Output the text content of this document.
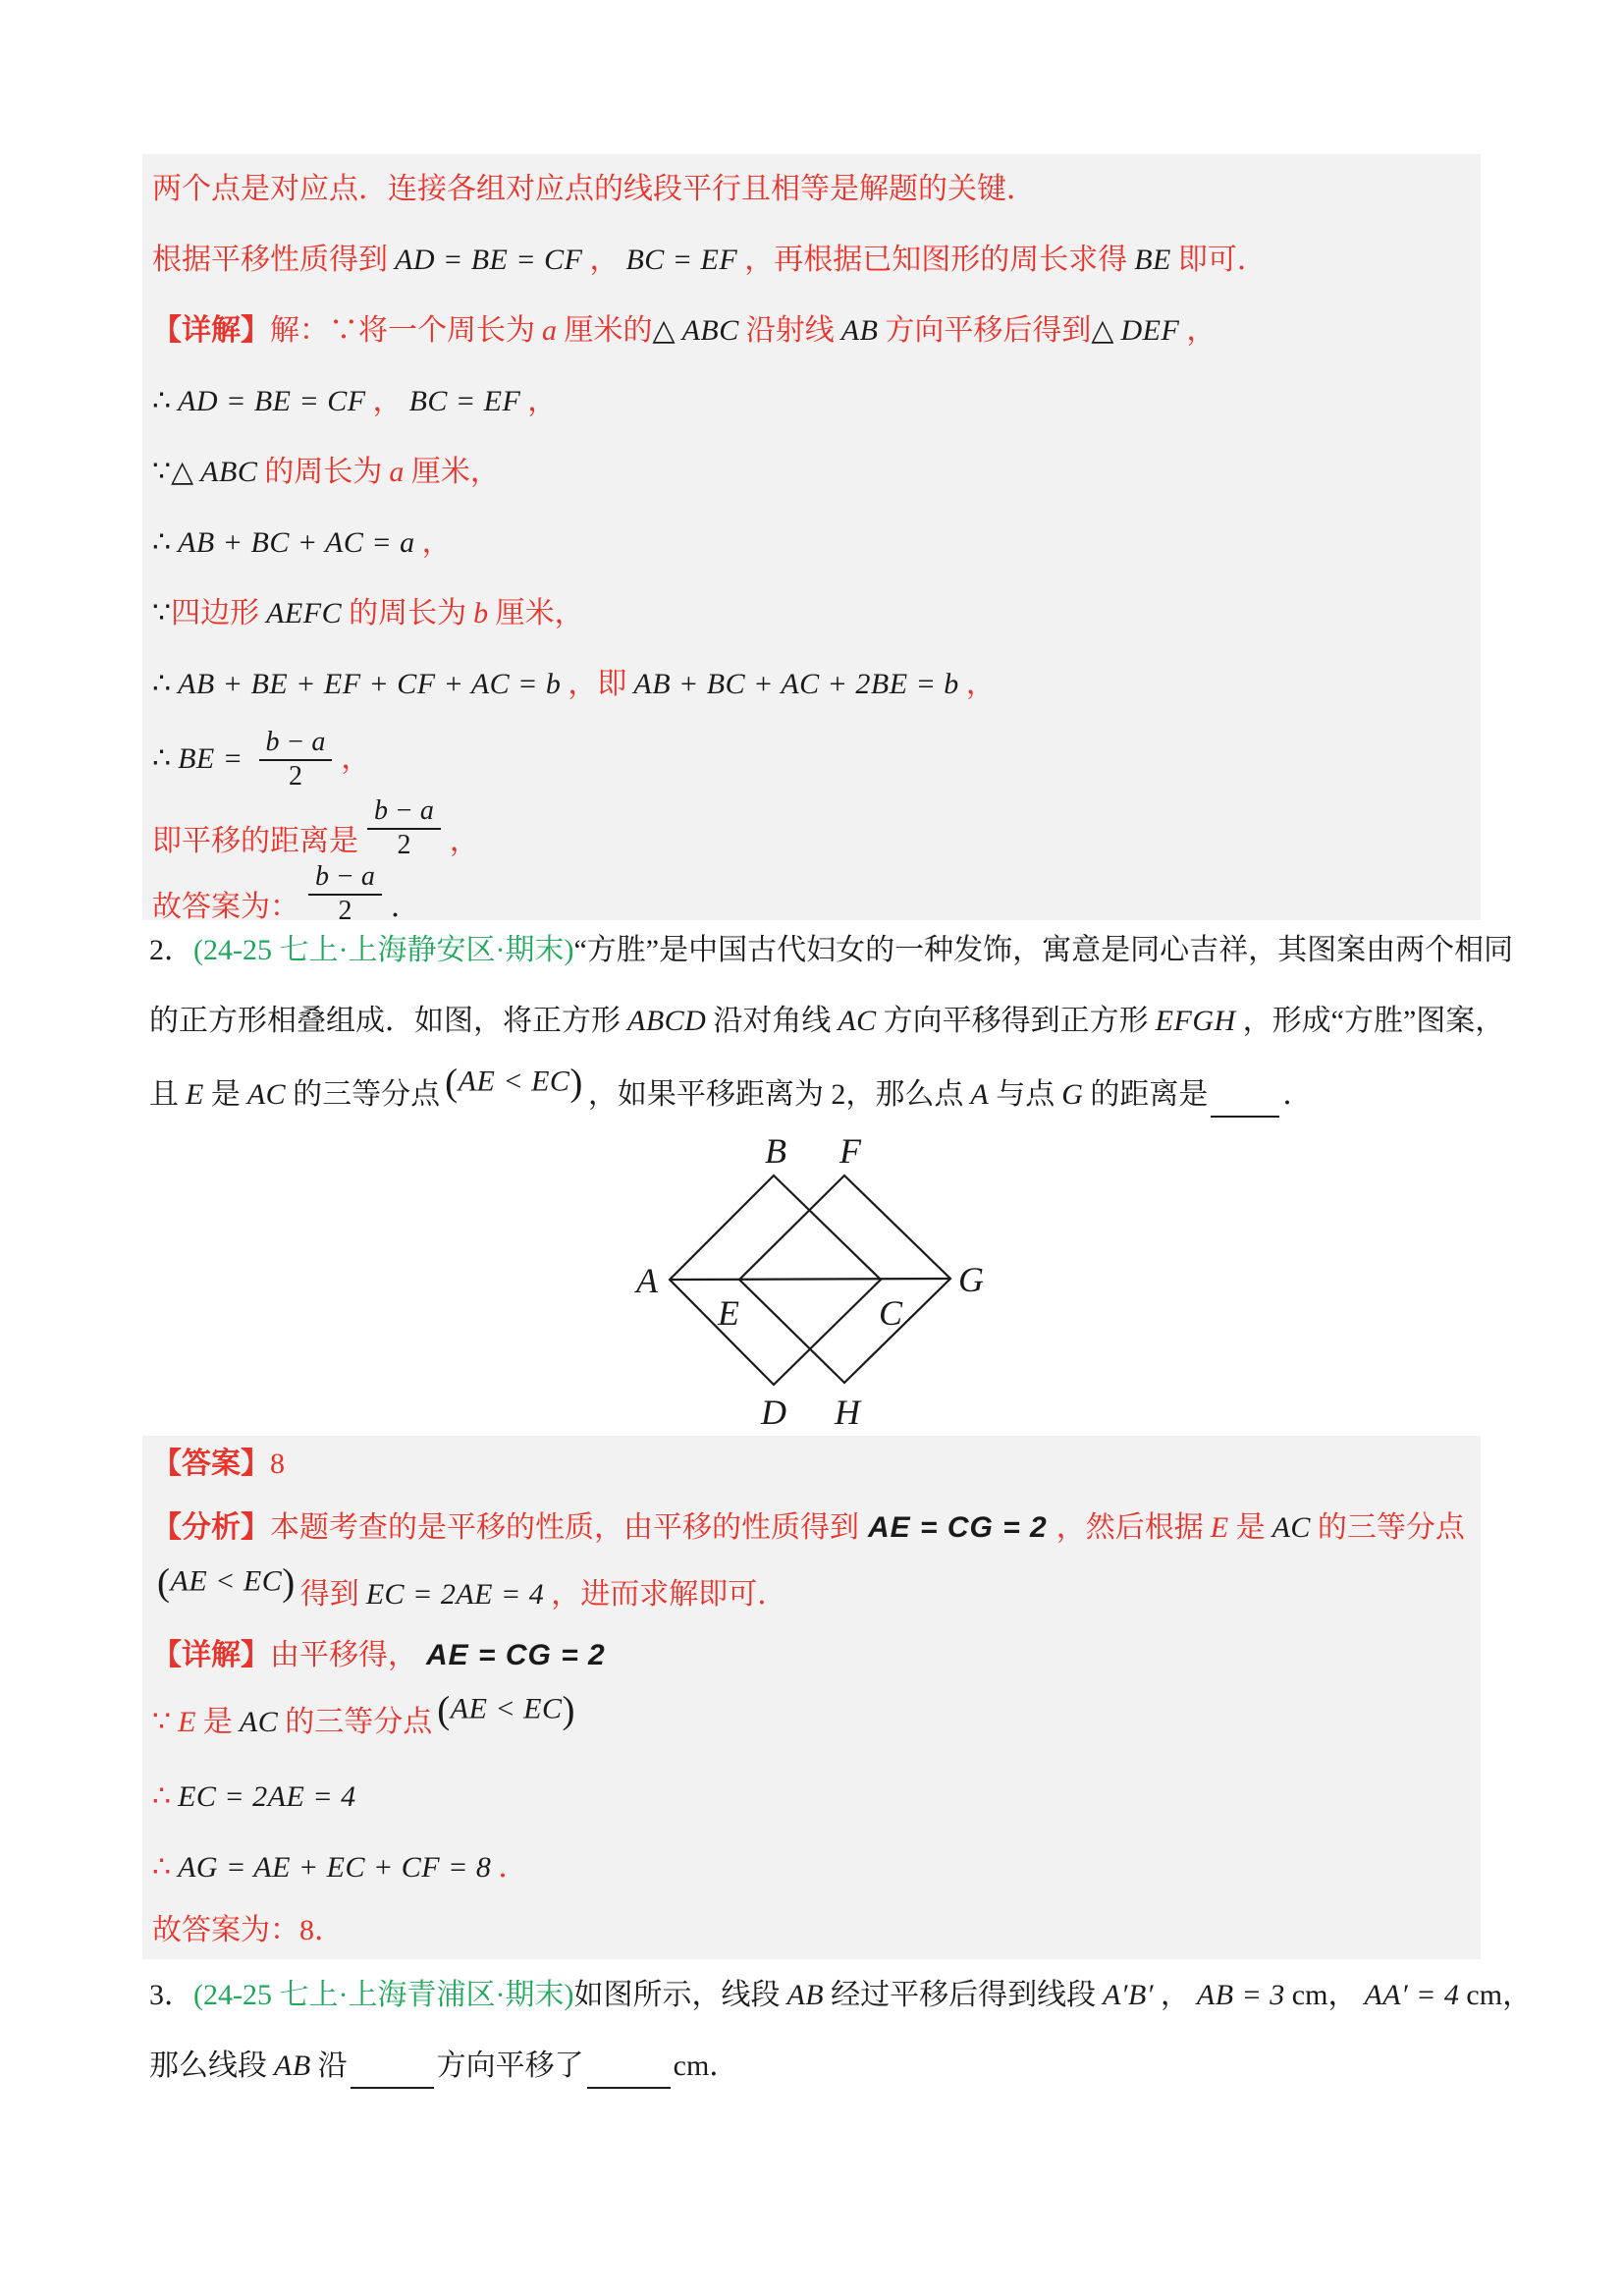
两个点是对应点．连接各组对应点的线段平行且相等是解题的关键．
根据平移性质得到 AD = BE = CF ， BC = EF ，再根据已知图形的周长求得 BE 即可．
【详解】 解：∵将一个周长为 a 厘米的 △ ABC 沿射线 AB 方向平移后得到 △ DEF ，
∴ AD = BE = CF ， BC = EF ，
∵△ ABC 的周长为 a 厘米，
∴ AB + BC + AC = a ，
∵ 四边形 AEFC 的周长为 b 厘米，
∴ AB + BE + EF + CF + AC = b ，即 AB + BC + AC + 2BE = b ，
∴ BE = $\frac{b - a}{2}$ ，
即平移的距离是 $\frac{b - a}{2}$ ，
故答案为： $\frac{b - a}{2}$ ．
2． (24-25 七上·上海静安区·期末) “方胜”是中国古代妇女的一种发饰，寓意是同心吉祥，其图案由两个相同
的正方形相叠组成．如图，将正方形 ABCD 沿对角线 AC 方向平移得到正方形 EFGH ，形成“方胜”图案，
且 E 是 AC 的三等分点 (AE < EC) ，如果平移距离为 2，那么点 A 与点 G 的距离是	．
A
B F
G
E	C
D H
【答案】 8
【分析】 本题考查的是平移的性质，由平移的性质得到 AE = CG = 2 ，然后根据 E 是 AC 的三等分点
(AE < EC) 得到 EC = 2AE = 4 ，进而求解即可．
【详解】 由平移得， AE = CG = 2
∵ E 是 AC 的三等分点 (AE < EC)
∴ EC = 2AE = 4
∴ AG = AE + EC + CF = 8 ．
故答案为：8．
3． (24-25 七上·上海青浦区·期末) 如图所示，线段 AB 经过平移后得到线段 A′B′ ， AB = 3 cm， AA′ = 4 cm，
那么线段 AB 沿	方向平移了	cm．
